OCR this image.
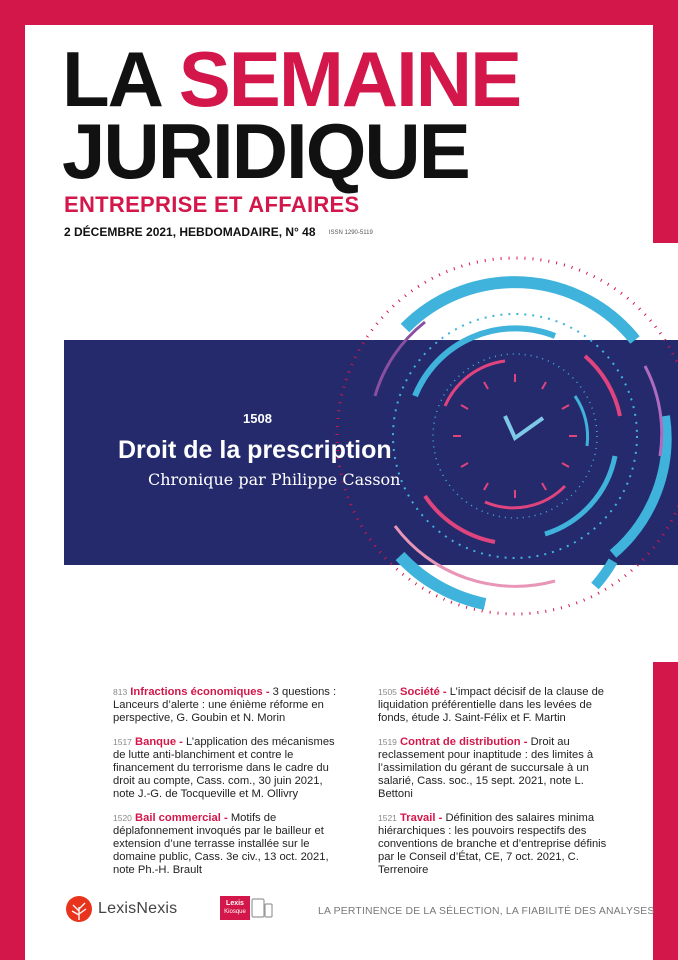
LA SEMAINE
JURIDIQUE
ENTREPRISE ET AFFAIRES
2 DÉCEMBRE 2021, HEBDOMADAIRE, N° 48 ISSN 1290-5119
1508
Droit de la prescription
Chronique par Philippe Casson
813 Infractions économiques - 3 questions : Lanceurs d’alerte : une énième réforme en perspective, G. Goubin et N. Morin
1517 Banque - L’application des mécanismes de lutte anti-blanchiment et contre le financement du terrorisme dans le cadre du droit au compte, Cass. com., 30 juin 2021, note J.-G. de Tocqueville et M. Ollivry
1520 Bail commercial - Motifs de déplafonnement invoqués par le bailleur et extension d’une terrasse installée sur le domaine public, Cass. 3e civ., 13 oct. 2021, note Ph.-H. Brault
1505 Société - L’impact décisif de la clause de liquidation préférentielle dans les levées de fonds, étude J. Saint-Félix et F. Martin
1519 Contrat de distribution - Droit au reclassement pour inaptitude : des limites à l’assimilation du gérant de succursale à un salarié, Cass. soc., 15 sept. 2021, note L. Bettoni
1521 Travail - Définition des salaires minima hiérarchiques : les pouvoirs respectifs des conventions de branche et d’entreprise définis par le Conseil d’État, CE, 7 oct. 2021, C. Terrenoire
LexisNexis	Lexis
Kiosque	LA PERTINENCE DE LA SÉLECTION, LA FIABILITÉ DES ANALYSES
